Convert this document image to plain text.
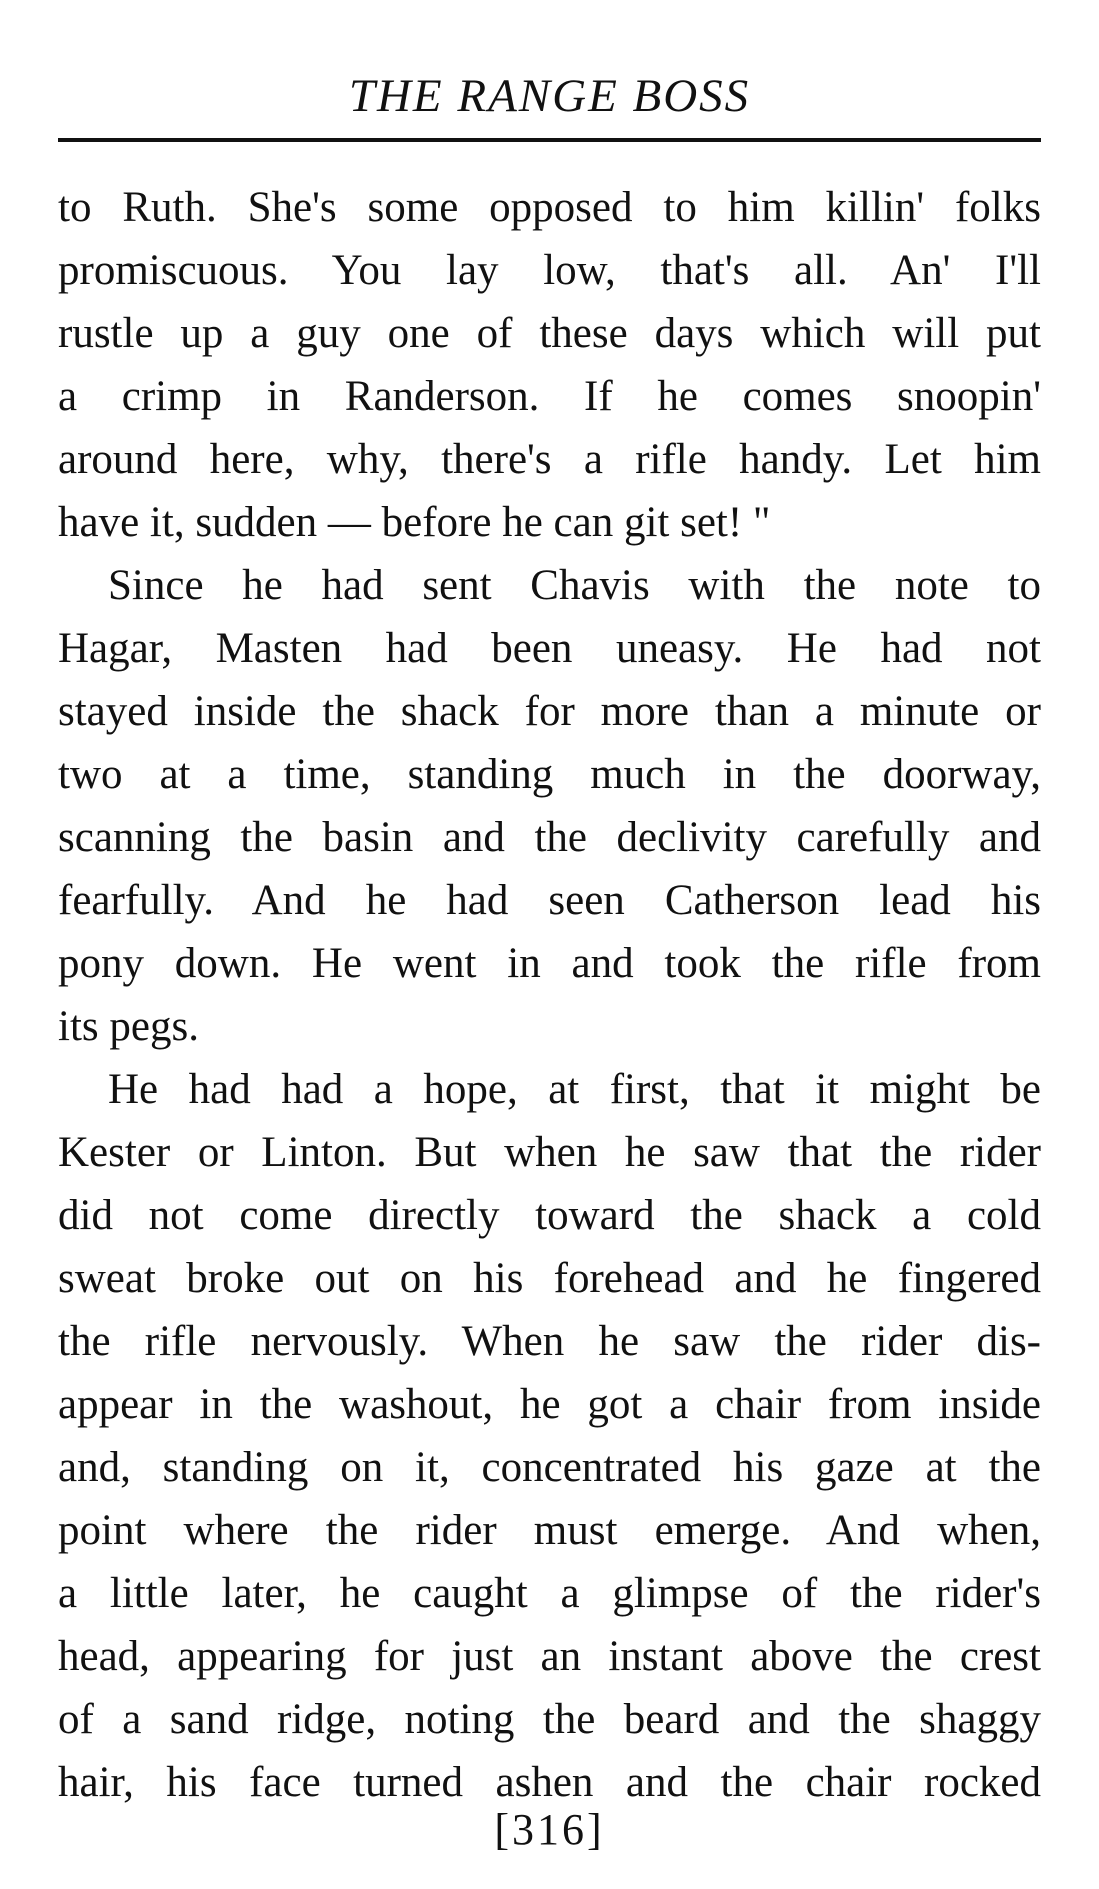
THE RANGE BOSS
to Ruth. She's some opposed to him killin' folks
promiscuous. You lay low, that's all. An' I'll
rustle up a guy one of these days which will put
a crimp in Randerson. If he comes snoopin'
around here, why, there's a rifle handy. Let him
have it, sudden — before he can git set! "
Since he had sent Chavis with the note to
Hagar, Masten had been uneasy. He had not
stayed inside the shack for more than a minute or
two at a time, standing much in the doorway,
scanning the basin and the declivity carefully and
fearfully. And he had seen Catherson lead his
pony down. He went in and took the rifle from
its pegs.
He had had a hope, at first, that it might be
Kester or Linton. But when he saw that the rider
did not come directly toward the shack a cold
sweat broke out on his forehead and he fingered
the rifle nervously. When he saw the rider dis-
appear in the washout, he got a chair from inside
and, standing on it, concentrated his gaze at the
point where the rider must emerge. And when,
a little later, he caught a glimpse of the rider's
head, appearing for just an instant above the crest
of a sand ridge, noting the beard and the shaggy
hair, his face turned ashen and the chair rocked
[316]
